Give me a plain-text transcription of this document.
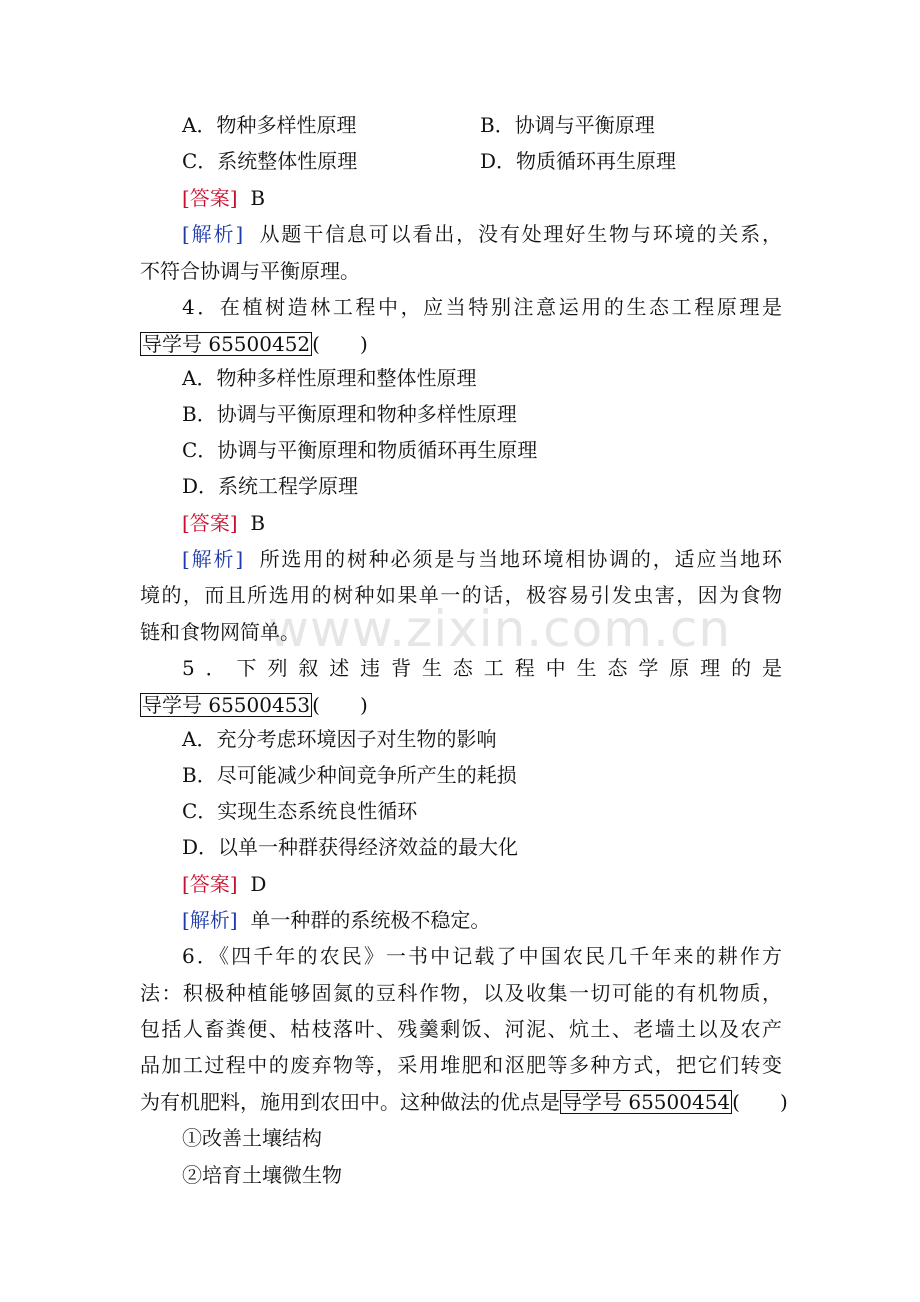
www.zixin.com.cn
A．物种多样性原理	B．协调与平衡原理
C．系统整体性原理	D．物质循环再生原理
[答案] B
[解析] 从题干信息可以看出，没有处理好生物与环境的关系，
不符合协调与平衡原理。
4．在植树造林工程中，应当特别注意运用的生态工程原理是
导学号 65500452 (　　)
A．物种多样性原理和整体性原理
B．协调与平衡原理和物种多样性原理
C．协调与平衡原理和物质循环再生原理
D．系统工程学原理
[答案] B
[解析] 所选用的树种必须是与当地环境相协调的，适应当地环
境的，而且所选用的树种如果单一的话，极容易引发虫害，因为食物
链和食物网简单。
5．下列叙述违背生态工程中生态学原理的是
导学号 65500453 (　　)
A．充分考虑环境因子对生物的影响
B．尽可能减少种间竞争所产生的耗损
C．实现生态系统良性循环
D．以单一种群获得经济效益的最大化
[答案] D
[解析] 单一种群的系统极不稳定。
6．《四千年的农民》一书中记载了中国农民几千年来的耕作方
法：积极种植能够固氮的豆科作物，以及收集一切可能的有机物质，
包括人畜粪便、枯枝落叶、残羹剩饭、河泥、炕土、老墙土以及农产
品加工过程中的废弃物等，采用堆肥和沤肥等多种方式，把它们转变
为有机肥料，施用到农田中。这种做法的优点是 导学号 65500454 (　　)
①改善土壤结构
②培育土壤微生物
